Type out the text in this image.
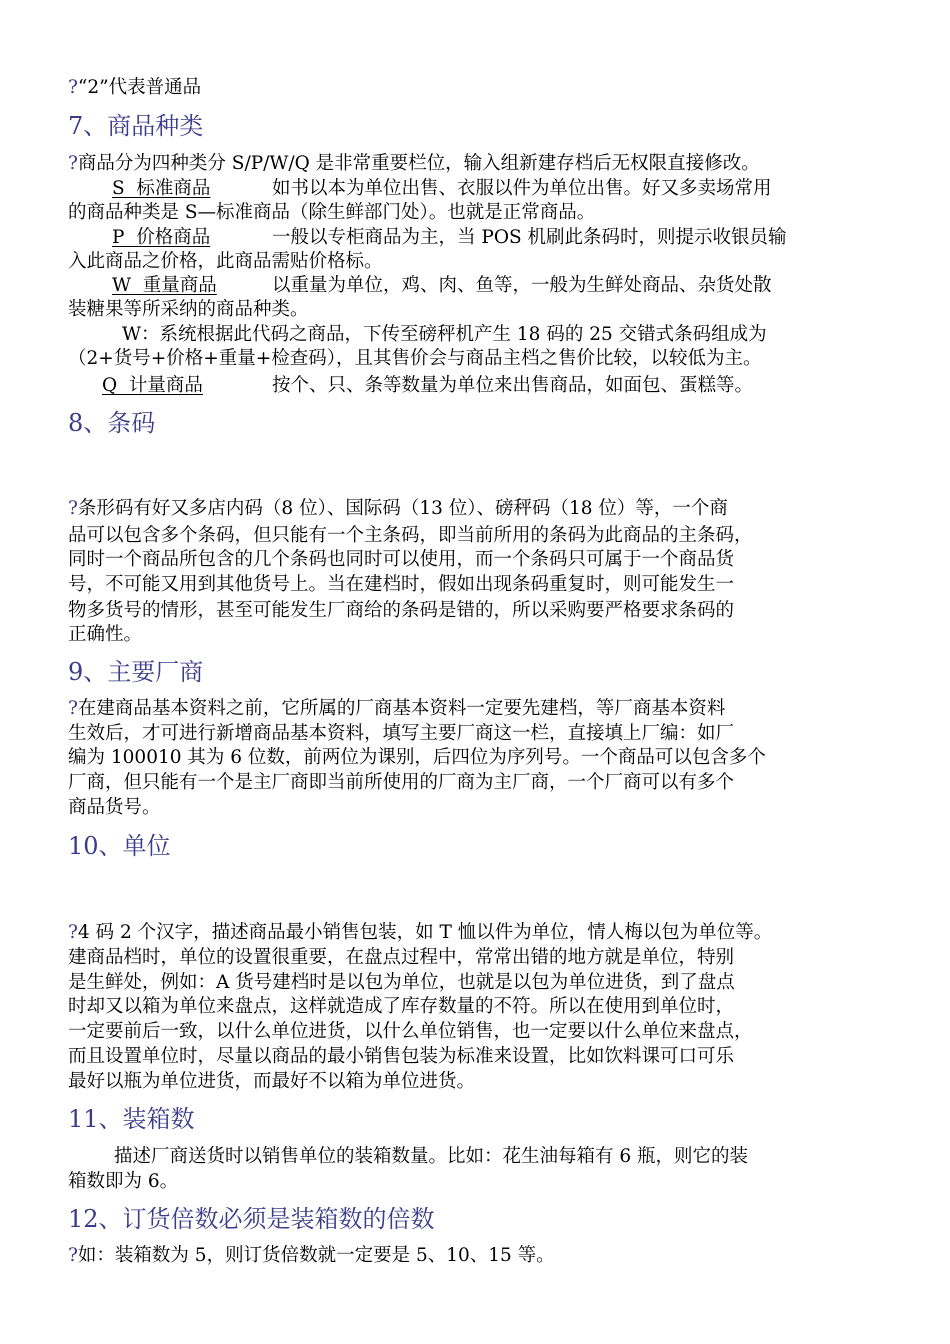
?“2”代表普通品
7、商品种类
?商品分为四种类分 S/P/W/Q 是非常重要栏位，输入组新建存档后无权限直接修改。
S  标准商品	如书以本为单位出售、衣服以件为单位出售。好又多卖场常用
的商品种类是 S—标准商品（除生鲜部门处）。也就是正常商品。
P  价格商品	一般以专柜商品为主，当 POS 机刷此条码时，则提示收银员输
入此商品之价格，此商品需贴价格标。
W  重量商品	以重量为单位，鸡、肉、鱼等，一般为生鲜处商品、杂货处散
装糖果等所采纳的商品种类。
W：系统根据此代码之商品，下传至磅秤机产生 18 码的 25 交错式条码组成为
（2+货号+价格+重量+检查码），且其售价会与商品主档之售价比较，以较低为主。
Q  计量商品	按个、只、条等数量为单位来出售商品，如面包、蛋糕等。
8、条码
?条形码有好又多店内码（8 位）、国际码（13 位）、磅秤码（18 位）等，一个商
品可以包含多个条码，但只能有一个主条码，即当前所用的条码为此商品的主条码，
同时一个商品所包含的几个条码也同时可以使用，而一个条码只可属于一个商品货
号，不可能又用到其他货号上。当在建档时，假如出现条码重复时，则可能发生一
物多货号的情形，甚至可能发生厂商给的条码是错的，所以采购要严格要求条码的
正确性。
9、主要厂商
?在建商品基本资料之前，它所属的厂商基本资料一定要先建档，等厂商基本资料
生效后，才可进行新增商品基本资料，填写主要厂商这一栏，直接填上厂编：如厂
编为 100010 其为 6 位数，前两位为课别，后四位为序列号。一个商品可以包含多个
厂商，但只能有一个是主厂商即当前所使用的厂商为主厂商，一个厂商可以有多个
商品货号。
10、单位
?4 码 2 个汉字，描述商品最小销售包装，如 T 恤以件为单位，情人梅以包为单位等。
建商品档时，单位的设置很重要，在盘点过程中，常常出错的地方就是单位，特别
是生鲜处，例如：A 货号建档时是以包为单位，也就是以包为单位进货，到了盘点
时却又以箱为单位来盘点，这样就造成了库存数量的不符。所以在使用到单位时，
一定要前后一致，以什么单位进货，以什么单位销售，也一定要以什么单位来盘点，
而且设置单位时，尽量以商品的最小销售包装为标准来设置，比如饮料课可口可乐
最好以瓶为单位进货，而最好不以箱为单位进货。
11、装箱数
描述厂商送货时以销售单位的装箱数量。比如：花生油每箱有 6 瓶，则它的装
箱数即为 6。
12、订货倍数必须是装箱数的倍数
?如：装箱数为 5，则订货倍数就一定要是 5、10、15 等。
